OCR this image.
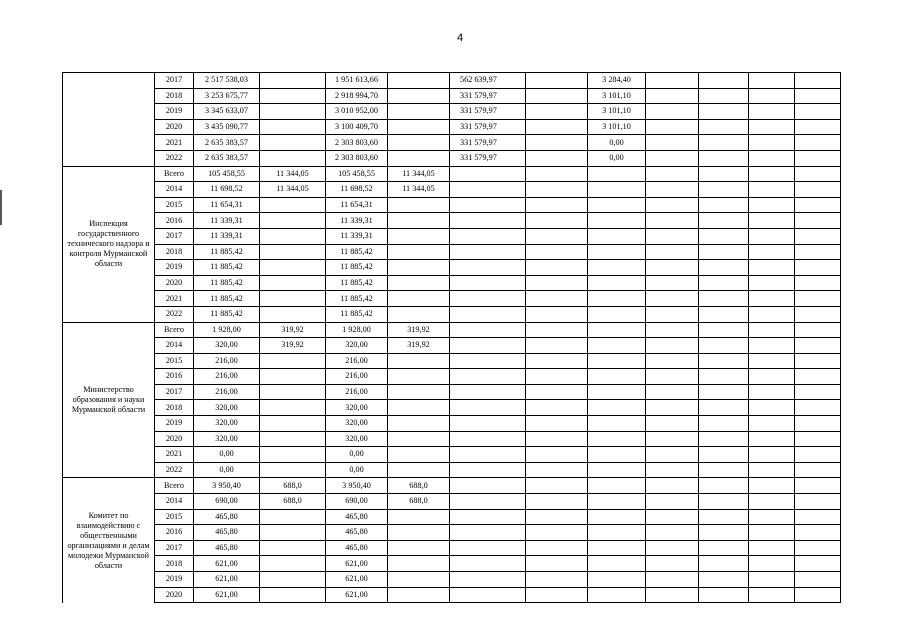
4
	2017	2 517 538,03		1 951 613,66		562 639,97		3 284,40				
	2018	3 253 675,77		2 918 994,70		331 579,97		3 101,10				
	2019	3 345 633,07		3 010 952,00		331 579,97		3 101,10				
	2020	3 435 090,77		3 100 409,70		331 579,97		3 101,10				
	2021	2 635 383,57		2 303 803,60		331 579,97		0,00				
	2022	2 635 383,57		2 303 803,60		331 579,97		0,00				
Инспекция государственного технического надзора и контроля Мурманской области	Всего	105 458,55	11 344,05	105 458,55	11 344,05							
	2014	11 698,52	11 344,05	11 698,52	11 344,05							
	2015	11 654,31		11 654,31								
	2016	11 339,31		11 339,31								
	2017	11 339,31		11 339,31								
	2018	11 885,42		11 885,42								
	2019	11 885,42		11 885,42								
	2020	11 885,42		11 885,42								
	2021	11 885,42		11 885,42								
	2022	11 885,42		11 885,42								
Министерство образования и науки Мурманской области	Всего	1 928,00	319,92	1 928,00	319,92							
	2014	320,00	319,92	320,00	319,92							
	2015	216,00		216,00								
	2016	216,00		216,00								
	2017	216,00		216,00								
	2018	320,00		320,00								
	2019	320,00		320,00								
	2020	320,00		320,00								
	2021	0,00		0,00								
	2022	0,00		0,00								
Комитет по взаимодействию с общественными организациями и делам молодежи Мурманской области	Всего	3 950,40	688,0	3 950,40	688,0							
	2014	690,00	688,0	690,00	688,0							
	2015	465,80		465,80								
	2016	465,80		465,80								
	2017	465,80		465,80								
	2018	621,00		621,00								
	2019	621,00		621,00								
	2020	621,00		621,00								
